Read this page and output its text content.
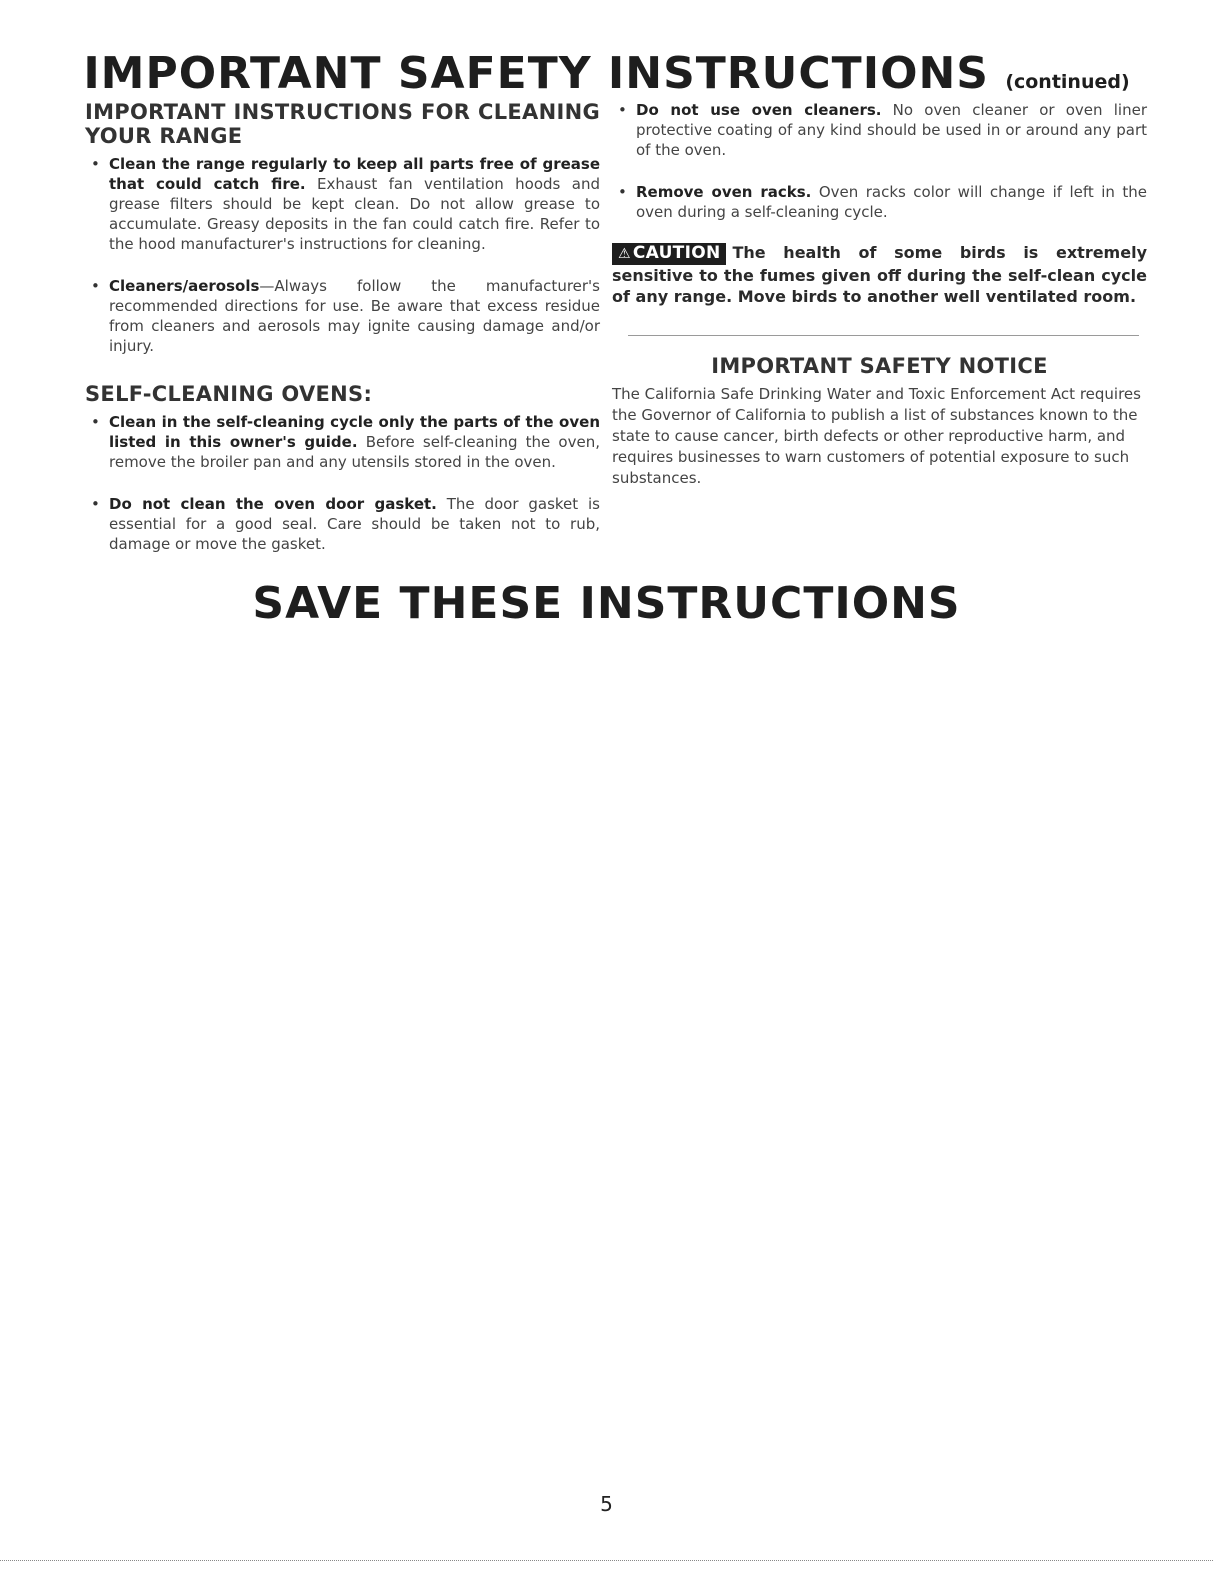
IMPORTANT SAFETY INSTRUCTIONS (continued)
IMPORTANT INSTRUCTIONS FOR CLEANING
YOUR RANGE
• Clean the range regularly to keep all parts free of grease that could catch fire. Exhaust fan ventilation hoods and grease filters should be kept clean. Do not allow grease to accumulate. Greasy deposits in the fan could catch fire. Refer to the hood manufacturer's instructions for cleaning.
• Cleaners/aerosols—Always follow the manufacturer's recommended directions for use. Be aware that excess residue from cleaners and aerosols may ignite causing damage and/or injury.
SELF-CLEANING OVENS:
• Clean in the self-cleaning cycle only the parts of the oven listed in this owner's guide. Before self-cleaning the oven, remove the broiler pan and any utensils stored in the oven.
• Do not clean the oven door gasket. The door gasket is essential for a good seal. Care should be taken not to rub, damage or move the gasket.
• Do not use oven cleaners. No oven cleaner or oven liner protective coating of any kind should be used in or around any part of the oven.
• Remove oven racks. Oven racks color will change if left in the oven during a self-cleaning cycle.
⚠ CAUTION The health of some birds is extremely sensitive to the fumes given off during the self-clean cycle of any range. Move birds to another well ventilated room.
IMPORTANT SAFETY NOTICE
The California Safe Drinking Water and Toxic Enforcement Act requires the Governor of California to publish a list of substances known to the state to cause cancer, birth defects or other reproductive harm, and requires businesses to warn customers of potential exposure to such substances.
SAVE THESE INSTRUCTIONS
5
